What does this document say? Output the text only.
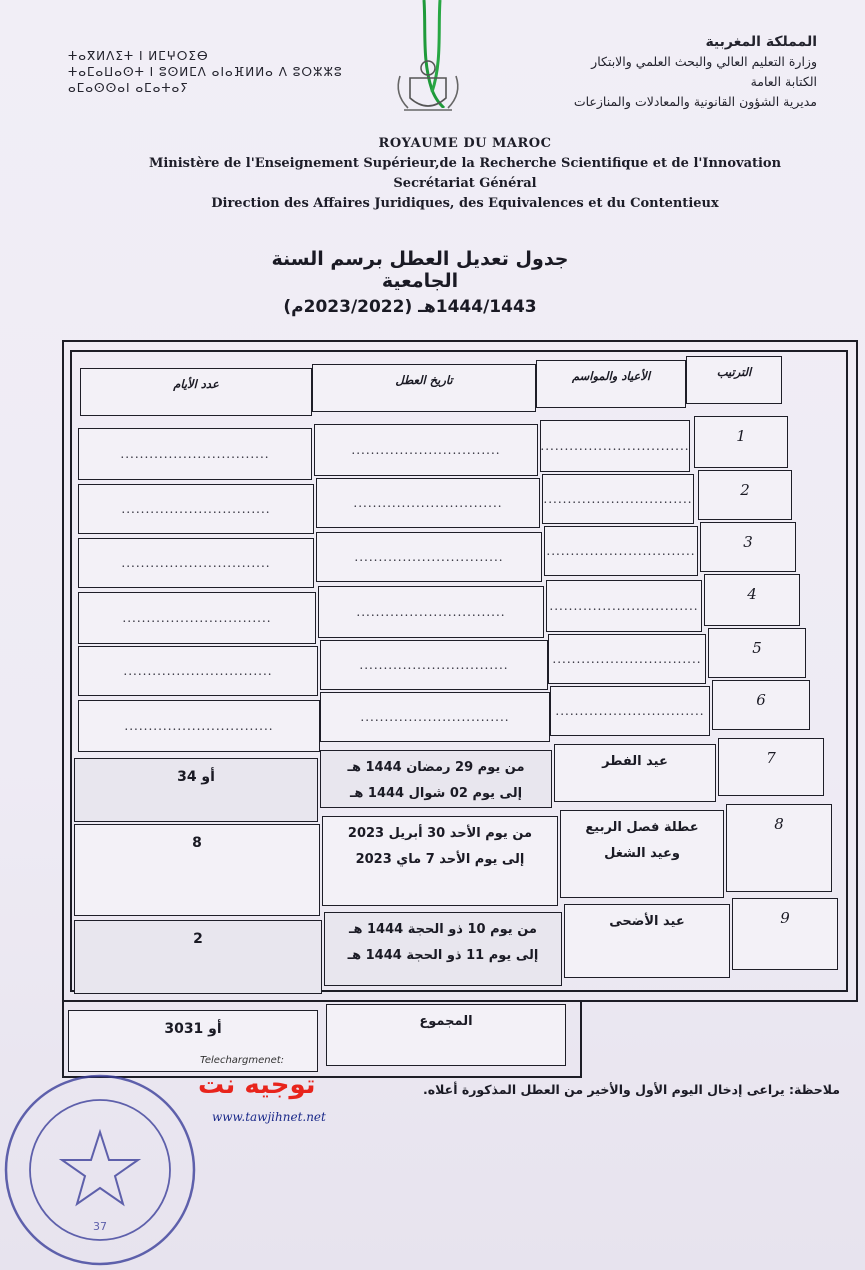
المملكة المغربية
وزارة التعليم العالي والبحث العلمي والابتكار
الكتابة العامة
مديرية الشؤون القانونية والمعادلات والمنازعات
ⵜⴰⴳⵍⴷⵉⵜ ⵏ ⵍⵎⵖⵔⵉⴱ
ⵜⴰⵎⴰⵡⴰⵙⵜ ⵏ ⵓⵙⵍⵎⴷ ⴰⵏⴰⴼⵍⵍⴰ ⴷ ⵓⵔⵣⵣⵓ
ⴰⵎⴰⵙⵙⴰⵏ ⴰⵎⴰⵜⴰⵢ
ROYAUME DU MAROC
Ministère de l'Enseignement Supérieur,de la Recherche Scientifique et de l'Innovation
Secrétariat Général
Direction des Affaires Juridiques, des Equivalences et du Contentieux
جدول تعديل العطل برسم السنة الجامعية
1444/1443هـ (2023/2022م)
الترتيب
الأعياد والمواسم
تاريخ العطل
عدد الأيام
1
...............................
...............................
...............................
2
...............................
...............................
...............................
3
...............................
...............................
...............................
4
...............................
...............................
...............................
5
...............................
...............................
...............................
6
...............................
...............................
...............................
7
عيد الفطر
من يوم 29 رمضان 1444 هـ
إلى يوم 02 شوال 1444 هـ
3أو 4
8
عطلة فصل الربيع وعيد الشغل
من يوم الأحد 30 أبريل 2023
إلى يوم الأحد 7 ماي 2023
8
9
عيد الأضحى
من يوم 10 ذو الحجة 1444 هـ
إلى يوم 11 ذو الحجة 1444 هـ
2
المجموع
30أو 31
ملاحظة: يراعى إدخال اليوم الأول والأخير من العطل المذكورة أعلاه.
37
Telechargmenet:
توجيه نت
www.tawjihnet.net
